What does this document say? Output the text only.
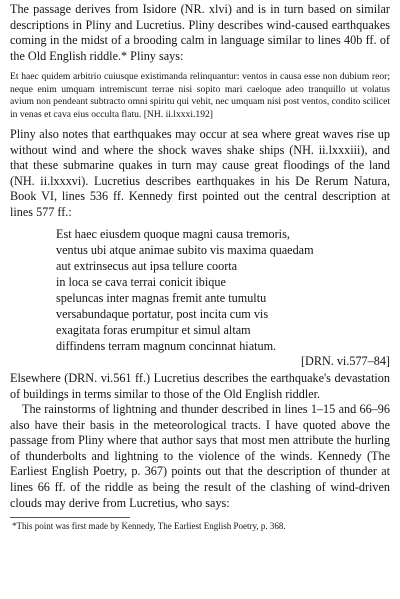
The passage derives from Isidore (NR. xlvi) and is in turn based on similar descriptions in Pliny and Lucretius. Pliny describes wind-caused earthquakes coming in the midst of a brooding calm in language similar to lines 40b ff. of the Old English riddle.* Pliny says:

Et haec quidem arbitrio cuiusque existimanda relinquantur: ventos in causa esse non dubium reor; neque enim umquam intremiscunt terrae nisi sopito mari caeloque adeo tranquillo ut volatus avium non pendeant subtracto omni spiritu qui vehit, nec umquam nisi post ventos, condito scilicet in venas et cava eius occulta flatu. [NH. ii.lxxxi.192]

Pliny also notes that earthquakes may occur at sea where great waves rise up without wind and where the shock waves shake ships (NH. ii.lxxxiii), and that these submarine quakes in turn may cause great floodings of the land (NH. ii.lxxxvi). Lucretius describes earthquakes in his De Rerum Natura, Book VI, lines 536 ff. Kennedy first pointed out the central description at lines 577 ff.:

Est haec eiusdem quoque magni causa tremoris,
ventus ubi atque animae subito vis maxima quaedam
aut extrinsecus aut ipsa tellure coorta
in loca se cava terrai conicit ibique
speluncas inter magnas fremit ante tumultu
versabundaque portatur, post incita cum vis
exagitata foras erumpitur et simul altam
diffindens terram magnum concinnat hiatum.

[DRN. vi.577–84]

Elsewhere (DRN. vi.561 ff.) Lucretius describes the earthquake's devastation of buildings in terms similar to those of the Old English riddler.

The rainstorms of lightning and thunder described in lines 1–15 and 66–96 also have their basis in the meteorological tracts. I have quoted above the passage from Pliny where that author says that most men attribute the hurling of thunderbolts and lightning to the violence of the winds. Kennedy (The Earliest English Poetry, p. 367) points out that the description of thunder at lines 66 ff. of the riddle as being the result of the clashing of wind-driven clouds may derive from Lucretius, who says:

*This point was first made by Kennedy, The Earliest English Poetry, p. 368.
